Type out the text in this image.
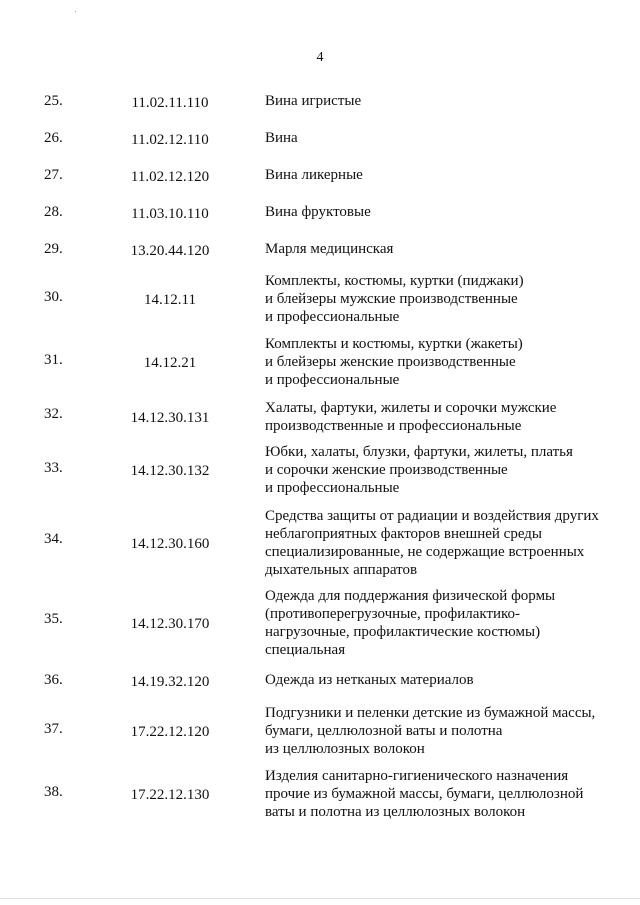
4
25.	11.02.11.110	Вина игристые
26.	11.02.12.110	Вина
27.	11.02.12.120	Вина ликерные
28.	11.03.10.110	Вина фруктовые
29.	13.20.44.120	Марля медицинская
30.	14.12.11
Комплекты, костюмы, куртки (пиджаки)
и блейзеры мужские производственные
и профессиональные
31.	14.12.21
Комплекты и костюмы, куртки (жакеты)
и блейзеры женские производственные
и профессиональные
32.	14.12.30.131
Халаты, фартуки, жилеты и сорочки мужские
производственные и профессиональные
33.	14.12.30.132
Юбки, халаты, блузки, фартуки, жилеты, платья
и сорочки женские производственные
и профессиональные
34.	14.12.30.160
Средства защиты от радиации и воздействия других
неблагоприятных факторов внешней среды
специализированные, не содержащие встроенных
дыхательных аппаратов
35.	14.12.30.170
Одежда для поддержания физической формы
(противоперегрузочные, профилактико-
нагрузочные, профилактические костюмы)
специальная
36.	14.19.32.120	Одежда из нетканых материалов
37.	17.22.12.120
Подгузники и пеленки детские из бумажной массы,
бумаги, целлюлозной ваты и полотна
из целлюлозных волокон
38.	17.22.12.130
Изделия санитарно-гигиенического назначения
прочие из бумажной массы, бумаги, целлюлозной
ваты и полотна из целлюлозных волокон
